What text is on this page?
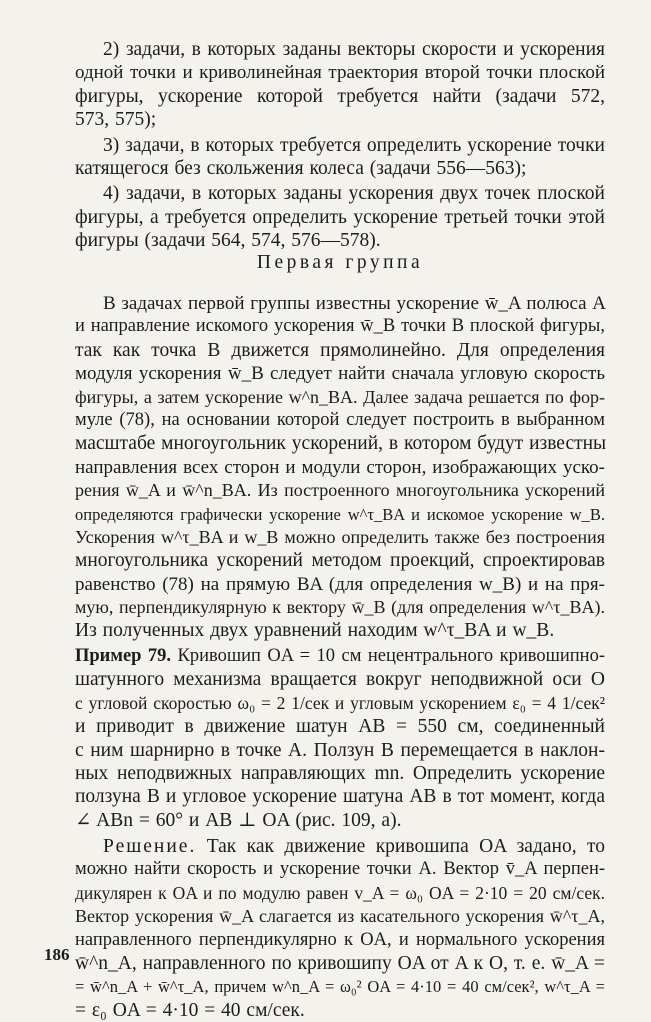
2) задачи, в которых заданы векторы скорости и ускорения
одной точки и криволинейная траектория второй точки плоской
фигуры, ускорение которой требуется найти (задачи 572,
573, 575);
3) задачи, в которых требуется определить ускорение точки
катящегося без скольжения колеса (задачи 556—563);
4) задачи, в которых заданы ускорения двух точек плоской
фигуры, а требуется определить ускорение третьей точки этой
фигуры (задачи 564, 574, 576—578).
Первая группа
В задачах первой группы известны ускорение w̄_A полюса A
и направление искомого ускорения w̄_B точки B плоской фигуры,
так как точка B движется прямолинейно. Для определения
модуля ускорения w̄_B следует найти сначала угловую скорость
фигуры, а затем ускорение w^n_BA. Далее задача решается по фор-
муле (78), на основании которой следует построить в выбранном
масштабе многоугольник ускорений, в котором будут известны
направления всех сторон и модули сторон, изображающих уско-
рения w̄_A и w̄^n_BA. Из построенного многоугольника ускорений
определяются графически ускорение w^τ_BA и искомое ускорение w_B.
Ускорения w^τ_BA и w_B можно определить также без построения
многоугольника ускорений методом проекций, спроектировав
равенство (78) на прямую BA (для определения w_B) и на пря-
мую, перпендикулярную к вектору w̄_B (для определения w^τ_BA).
Из полученных двух уравнений находим w^τ_BA и w_B.
Пример 79. Кривошип OA = 10 см нецентрального кривошипно-
шатунного механизма вращается вокруг неподвижной оси O
с угловой скоростью ω₀ = 2 1/сек и угловым ускорением ε₀ = 4 1/сек²
и приводит в движение шатун AB = 550 см, соединенный
с ним шарнирно в точке A. Ползун B перемещается в наклон-
ных неподвижных направляющих mn. Определить ускорение
ползуна B и угловое ускорение шатуна AB в тот момент, когда
∠ ABn = 60° и AB ⊥ OA (рис. 109, a).
Решение. Так как движение кривошипа OA задано, то
можно найти скорость и ускорение точки A. Вектор v̄_A перпен-
дикулярен к OA и по модулю равен v_A = ω₀ OA = 2·10 = 20 см/сек.
Вектор ускорения w̄_A слагается из касательного ускорения w̄^τ_A,
направленного перпендикулярно к OA, и нормального ускорения
w̄^n_A, направленного по кривошипу OA от A к O, т. е. w̄_A =
= w̄^n_A + w̄^τ_A, причем w^n_A = ω₀² OA = 4·10 = 40 см/сек², w^τ_A =
= ε₀ OA = 4·10 = 40 см/сек.
186
